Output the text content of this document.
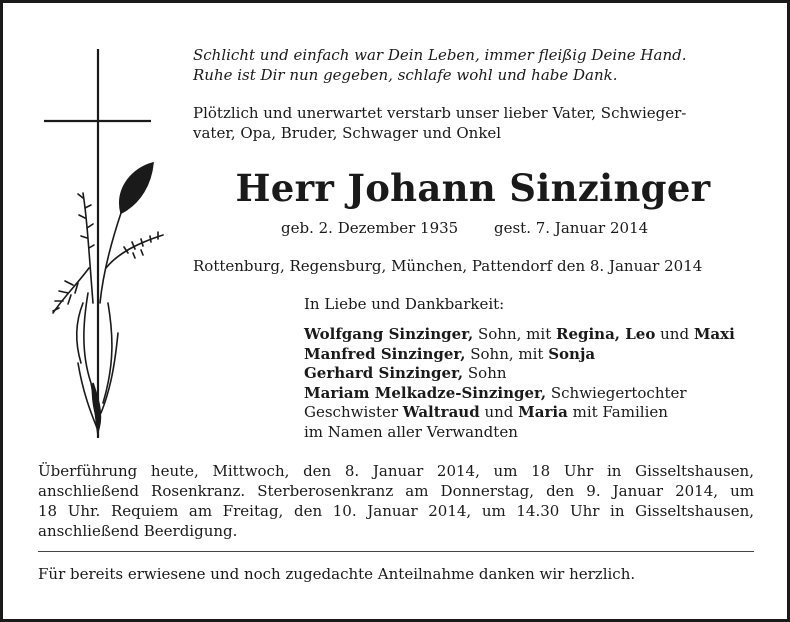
Schlicht und einfach war Dein Leben, immer fleißig Deine Hand.
Ruhe ist Dir nun gegeben, schlafe wohl und habe Dank.
Plötzlich und unerwartet verstarb unser lieber Vater, Schwieger-
vater, Opa, Bruder, Schwager und Onkel
Herr Johann Sinzinger
geb. 2. Dezember 1935 gest. 7. Januar 2014
Rottenburg, Regensburg, München, Pattendorf den 8. Januar 2014
In Liebe und Dankbarkeit:
Wolfgang Sinzinger, Sohn, mit Regina, Leo und Maxi
Manfred Sinzinger, Sohn, mit Sonja
Gerhard Sinzinger, Sohn
Mariam Melkadze-Sinzinger, Schwiegertochter
Geschwister Waltraud und Maria mit Familien
im Namen aller Verwandten
Überführung heute, Mittwoch, den 8. Januar 2014, um 18 Uhr in Gisseltshausen,
anschließend Rosenkranz. Sterberosenkranz am Donnerstag, den 9. Januar 2014, um
18 Uhr. Requiem am Freitag, den 10. Januar 2014, um 14.30 Uhr in Gisseltshausen,
anschließend Beerdigung.
Für bereits erwiesene und noch zugedachte Anteilnahme danken wir herzlich.
